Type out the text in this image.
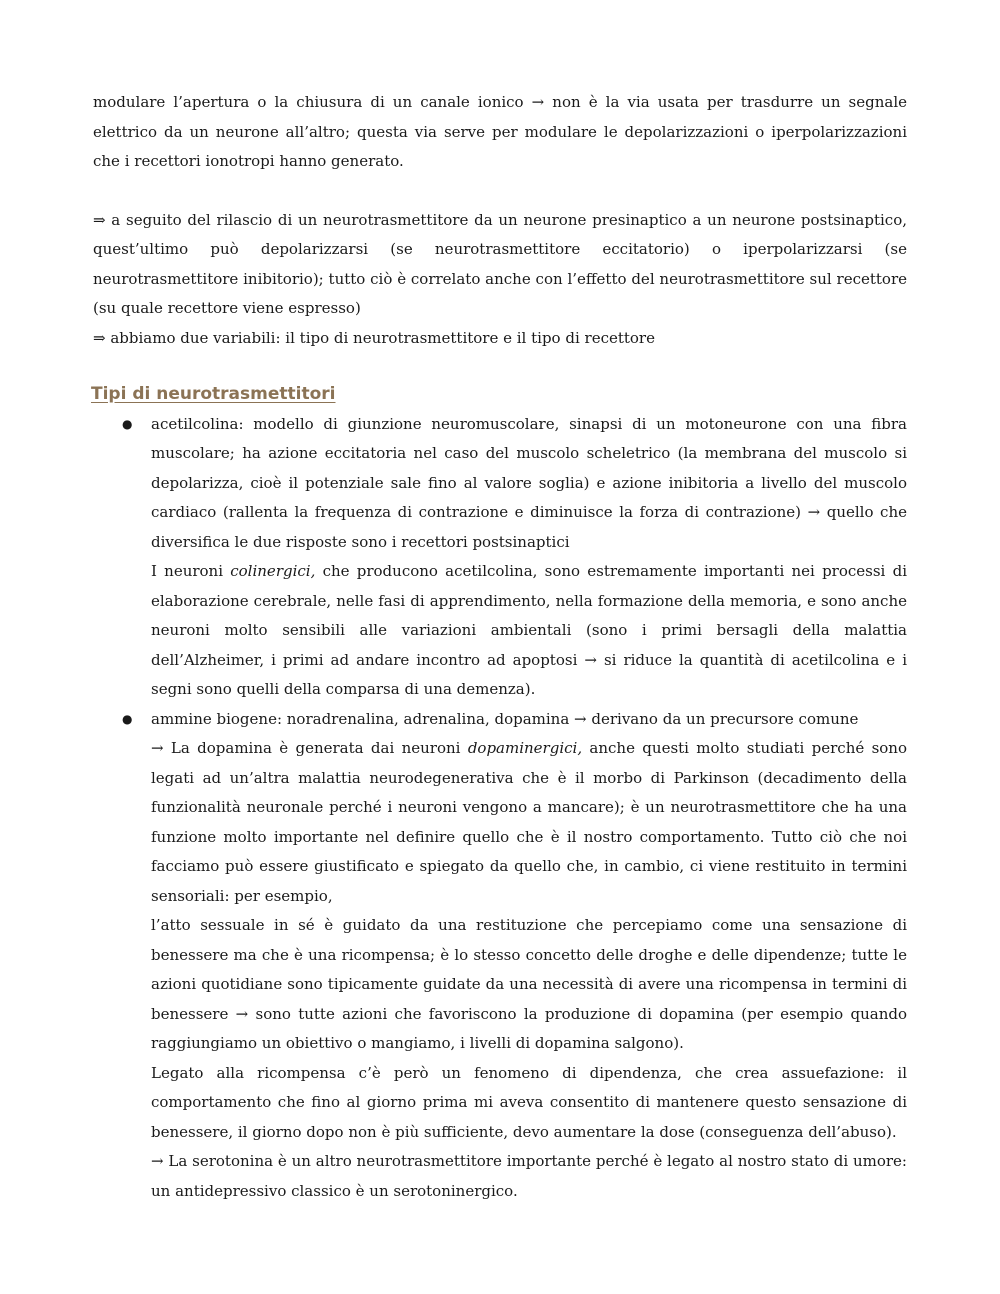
modulare l’apertura o la chiusura di un canale ionico → non è la via usata per trasdurre un segnale elettrico da un neurone all’altro; questa via serve per modulare le depolarizzazioni o iperpolarizzazioni che i recettori ionotropi hanno generato.

⇒ a seguito del rilascio di un neurotrasmettitore da un neurone presinaptico a un neurone postsinaptico, quest’ultimo può depolarizzarsi (se neurotrasmettitore eccitatorio) o iperpolarizzarsi (se neurotrasmettitore inibitorio); tutto ciò è correlato anche con l’effetto del neurotrasmettitore sul recettore (su quale recettore viene espresso)

⇒ abbiamo due variabili: il tipo di neurotrasmettitore e il tipo di recettore

Tipi di neurotrasmettitori
● acetilcolina: modello di giunzione neuromuscolare, sinapsi di un motoneurone con una fibra muscolare; ha azione eccitatoria nel caso del muscolo scheletrico (la membrana del muscolo si depolarizza, cioè il potenziale sale fino al valore soglia) e azione inibitoria a livello del muscolo cardiaco (rallenta la frequenza di contrazione e diminuisce la forza di contrazione) → quello che diversifica le due risposte sono i recettori postsinaptici

I neuroni colinergici, che producono acetilcolina, sono estremamente importanti nei processi di elaborazione cerebrale, nelle fasi di apprendimento, nella formazione della memoria, e sono anche neuroni molto sensibili alle variazioni ambientali (sono i primi bersagli della malattia dell’Alzheimer, i primi ad andare incontro ad apoptosi → si riduce la quantità di acetilcolina e i segni sono quelli della comparsa di una demenza).

● ammine biogene: noradrenalina, adrenalina, dopamina → derivano da un precursore comune

→ La dopamina è generata dai neuroni dopaminergici, anche questi molto studiati perché sono legati ad un’altra malattia neurodegenerativa che è il morbo di Parkinson (decadimento della funzionalità neuronale perché i neuroni vengono a mancare); è un neurotrasmettitore che ha una funzione molto importante nel definire quello che è il nostro comportamento. Tutto ciò che noi facciamo può essere giustificato e spiegato da quello che, in cambio, ci viene restituito in termini sensoriali: per esempio,

l’atto sessuale in sé è guidato da una restituzione che percepiamo come una sensazione di benessere ma che è una ricompensa; è lo stesso concetto delle droghe e delle dipendenze; tutte le azioni quotidiane sono tipicamente guidate da una necessità di avere una ricompensa in termini di benessere → sono tutte azioni che favoriscono la produzione di dopamina (per esempio quando raggiungiamo un obiettivo o mangiamo, i livelli di dopamina salgono).

Legato alla ricompensa c’è però un fenomeno di dipendenza, che crea assuefazione: il comportamento che fino al giorno prima mi aveva consentito di mantenere questo sensazione di benessere, il giorno dopo non è più sufficiente, devo aumentare la dose (conseguenza dell’abuso).

→ La serotonina è un altro neurotrasmettitore importante perché è legato al nostro stato di umore: un antidepressivo classico è un serotoninergico.
